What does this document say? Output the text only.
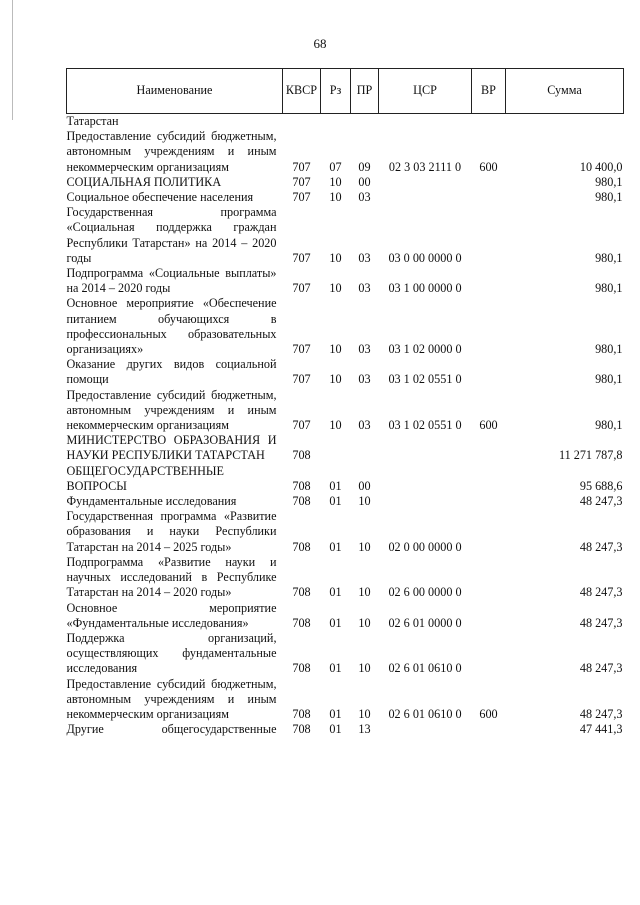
68
Наименование	КВСР	Рз	ПР	ЦСР	ВР	Сумма
Татарстан						
Предоставление субсидий бюджетным, автономным учреждениям и иным некоммерческим организациям	707	07	09	02 3 03 2111 0	600	10 400,0
СОЦИАЛЬНАЯ ПОЛИТИКА	707	10	00			980,1
Социальное обеспечение населения	707	10	03			980,1
Государственная программа «Социальная поддержка граждан Республики Татарстан» на 2014 – 2020 годы	707	10	03	03 0 00 0000 0		980,1
Подпрограмма «Социальные выплаты» на 2014 – 2020 годы	707	10	03	03 1 00 0000 0		980,1
Основное мероприятие «Обеспечение питанием обучающихся в профессиональных образовательных организациях»	707	10	03	03 1 02 0000 0		980,1
Оказание других видов социальной помощи	707	10	03	03 1 02 0551 0		980,1
Предоставление субсидий бюджетным, автономным учреждениям и иным некоммерческим организациям	707	10	03	03 1 02 0551 0	600	980,1
МИНИСТЕРСТВО ОБРАЗОВАНИЯ И НАУКИ РЕСПУБЛИКИ ТАТАРСТАН	708					11 271 787,8
ОБЩЕГОСУДАРСТВЕННЫЕ ВОПРОСЫ	708	01	00			95 688,6
Фундаментальные исследования	708	01	10			48 247,3
Государственная программа «Развитие образования и науки Республики Татарстан на 2014 – 2025 годы»	708	01	10	02 0 00 0000 0		48 247,3
Подпрограмма «Развитие науки и научных исследований в Республике Татарстан на 2014 – 2020 годы»	708	01	10	02 6 00 0000 0		48 247,3
Основное мероприятие «Фундаментальные исследования»	708	01	10	02 6 01 0000 0		48 247,3
Поддержка организаций, осуществляющих фундаментальные исследования	708	01	10	02 6 01 0610 0		48 247,3
Предоставление субсидий бюджетным, автономным учреждениям и иным некоммерческим организациям	708	01	10	02 6 01 0610 0	600	48 247,3
Другие общегосударственные	708	01	13			47 441,3
